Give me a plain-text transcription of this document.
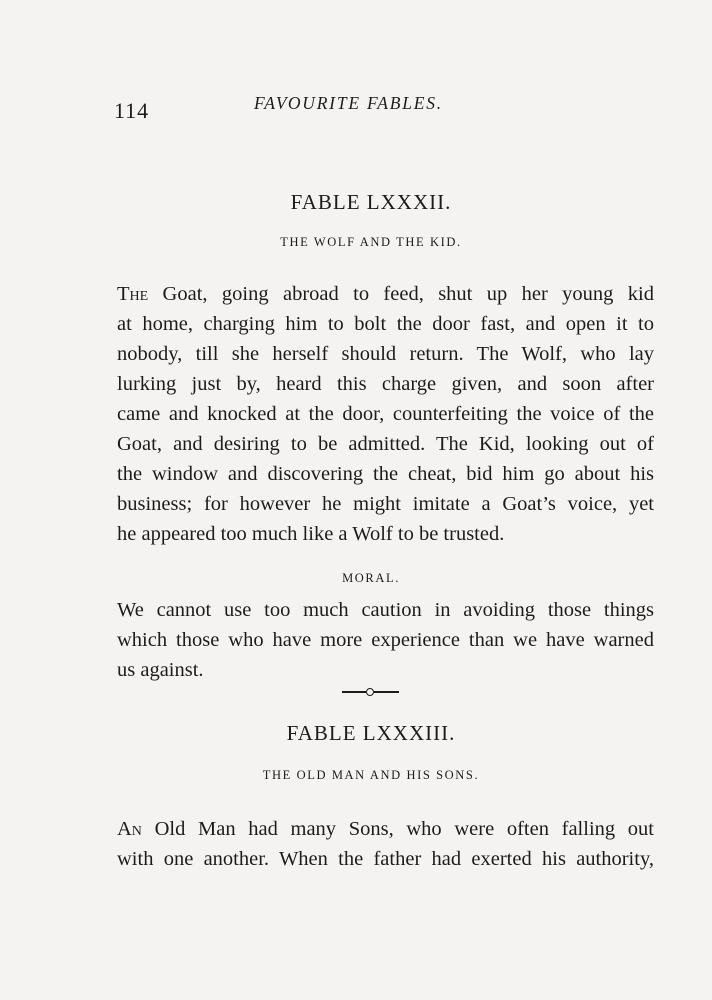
114	FAVOURITE FABLES.
FABLE LXXXII.
THE WOLF AND THE KID.
The Goat, going abroad to feed, shut up her young kid
at home, charging him to bolt the door fast, and open it to
nobody, till she herself should return. The Wolf, who lay
lurking just by, heard this charge given, and soon after
came and knocked at the door, counterfeiting the voice of the
Goat, and desiring to be admitted. The Kid, looking out of
the window and discovering the cheat, bid him go about his
business; for however he might imitate a Goat’s voice, yet
he appeared too much like a Wolf to be trusted.
MORAL.
We cannot use too much caution in avoiding those things
which those who have more experience than we have warned
us against.
FABLE LXXXIII.
THE OLD MAN AND HIS SONS.
An Old Man had many Sons, who were often falling out
with one another. When the father had exerted his authority,
